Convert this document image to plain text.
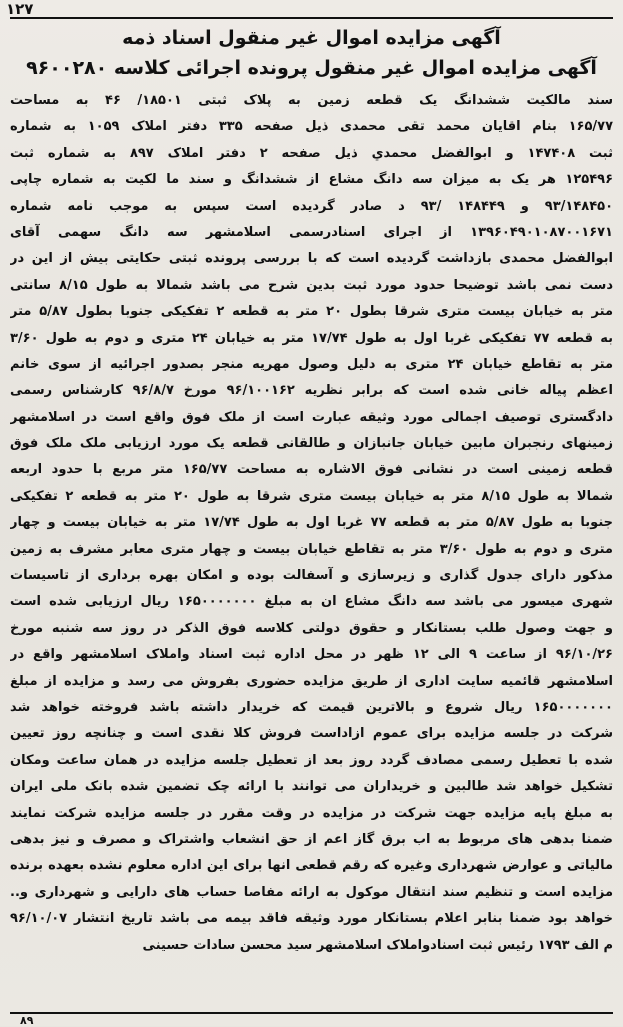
۱۲۷
آگهی مزایده اموال غیر منقول اسناد ذمه
آگهی مزایده اموال غیر منقول پرونده اجرائی کلاسه ۹۶۰۰۲۸۰
سند مالکیت ششدانگ یک قطعه زمین به پلاک ثبتی ۱۸۵۰۱/ ۴۶ به مساحت
۱۶۵/۷۷ بنام اقایان محمد تقی محمدی ذیل صفحه ۳۳۵ دفتر املاک ۱۰۵۹ به شماره
ثبت ۱۴۷۴۰۸ و ابوالفضل محمدي ذیل صفحه ۲ دفتر املاک ۸۹۷ به شماره ثبت
۱۲۵۴۹۶ هر یک به میزان سه دانگ مشاع از ششدانگ و سند ما لکیت به شماره چاپی
۹۳/۱۴۸۴۵۰ و ۱۴۸۴۴۹ /۹۳ د صادر گردیده است سپس به موجب نامه شماره
۱۳۹۶۰۴۹۰۱۰۸۷۰۰۱۶۷۱ از اجرای اسنادرسمی اسلامشهر سه دانگ سهمی آقای
ابوالفضل محمدی بازداشت گردیده است که با بررسی پرونده ثبتی حکایتی بیش از این در
دست نمی باشد توضیحا حدود مورد ثبت بدین شرح می باشد شمالا به طول ۸/۱۵ سانتی
متر به خیابان بیست متری شرقا بطول ۲۰ متر به قطعه ۲ تفکیکی جنوبا بطول ۵/۸۷ متر
به قطعه ۷۷ تفکیکی غربا اول به طول ۱۷/۷۴ متر به خیابان ۲۴ متری و دوم به طول ۳/۶۰
متر به تقاطع خیابان ۲۴ متری به دلیل وصول مهریه منجر بصدور اجرائیه از سوی خانم
اعظم پیاله خانی شده است که برابر نظریه ۹۶/۱۰۰۱۶۲ مورخ ۹۶/۸/۷ کارشناس رسمی
دادگستری توصیف اجمالی مورد وثیقه عبارت است از ملک فوق واقع است در اسلامشهر
زمینهای رنجبران مابین خیابان جانبازان و طالقانی قطعه یک مورد ارزیابی ملک ملک فوق
قطعه زمینی است در نشانی فوق الاشاره به مساحت ۱۶۵/۷۷ متر مربع با حدود اربعه
شمالا به طول ۸/۱۵ متر به خیابان بیست متری شرقا به طول ۲۰ متر به قطعه ۲ تفکیکی
جنوبا به طول ۵/۸۷ متر به قطعه ۷۷ غربا اول به طول ۱۷/۷۴ متر به خیابان بیست و چهار
متری و دوم به طول ۳/۶۰ متر به تقاطع خیابان بیست و چهار متری معابر مشرف به زمین
مذکور دارای جدول گذاری و زیرسازی و آسفالت بوده و امکان بهره برداری از تاسیسات
شهری میسور می باشد سه دانگ مشاع ان به مبلغ ۱۶۵۰۰۰۰۰۰۰ ریال ارزیابی شده است
و جهت وصول طلب بستانکار و حقوق دولتی کلاسه فوق الذکر در روز سه شنبه مورخ
۹۶/۱۰/۲۶ از ساعت ۹ الی ۱۲ ظهر در محل اداره ثبت اسناد واملاک اسلامشهر واقع در
اسلامشهر قائمیه سایت اداری از طریق مزایده حضوری بفروش می رسد و مزایده از مبلغ
۱۶۵۰۰۰۰۰۰۰ ریال شروع و بالاترین قیمت که خریدار داشته باشد فروخته خواهد شد
شرکت در جلسه مزایده برای عموم ازاداست فروش کلا نقدی است و چنانچه روز تعیین
شده با تعطیل رسمی مصادف گردد روز بعد از تعطیل جلسه مزایده در همان ساعت ومکان
تشکیل خواهد شد طالبین و خریداران می توانند با ارائه چک تضمین شده بانک ملی ایران
به مبلغ پایه مزایده جهت شرکت در مزایده در وقت مقرر در جلسه مزایده شرکت نمایند
ضمنا بدهی های مربوط به اب برق گاز اعم از حق انشعاب واشتراک و مصرف و نیز بدهی
مالیاتی و عوارض شهرداری وغیره که رقم قطعی انها برای این اداره معلوم نشده بعهده برنده
مزایده است و تنظیم سند انتقال موکول به ارائه مفاصا حساب های دارایی و شهرداری و..
خواهد بود ضمنا بنابر اعلام بستانکار مورد وثیقه فاقد بیمه می باشد تاریخ انتشار ۹۶/۱۰/۰۷
م الف ۱۷۹۳ رئیس ثبت اسنادواملاک اسلامشهر سید محسن سادات حسینی
۸۹
